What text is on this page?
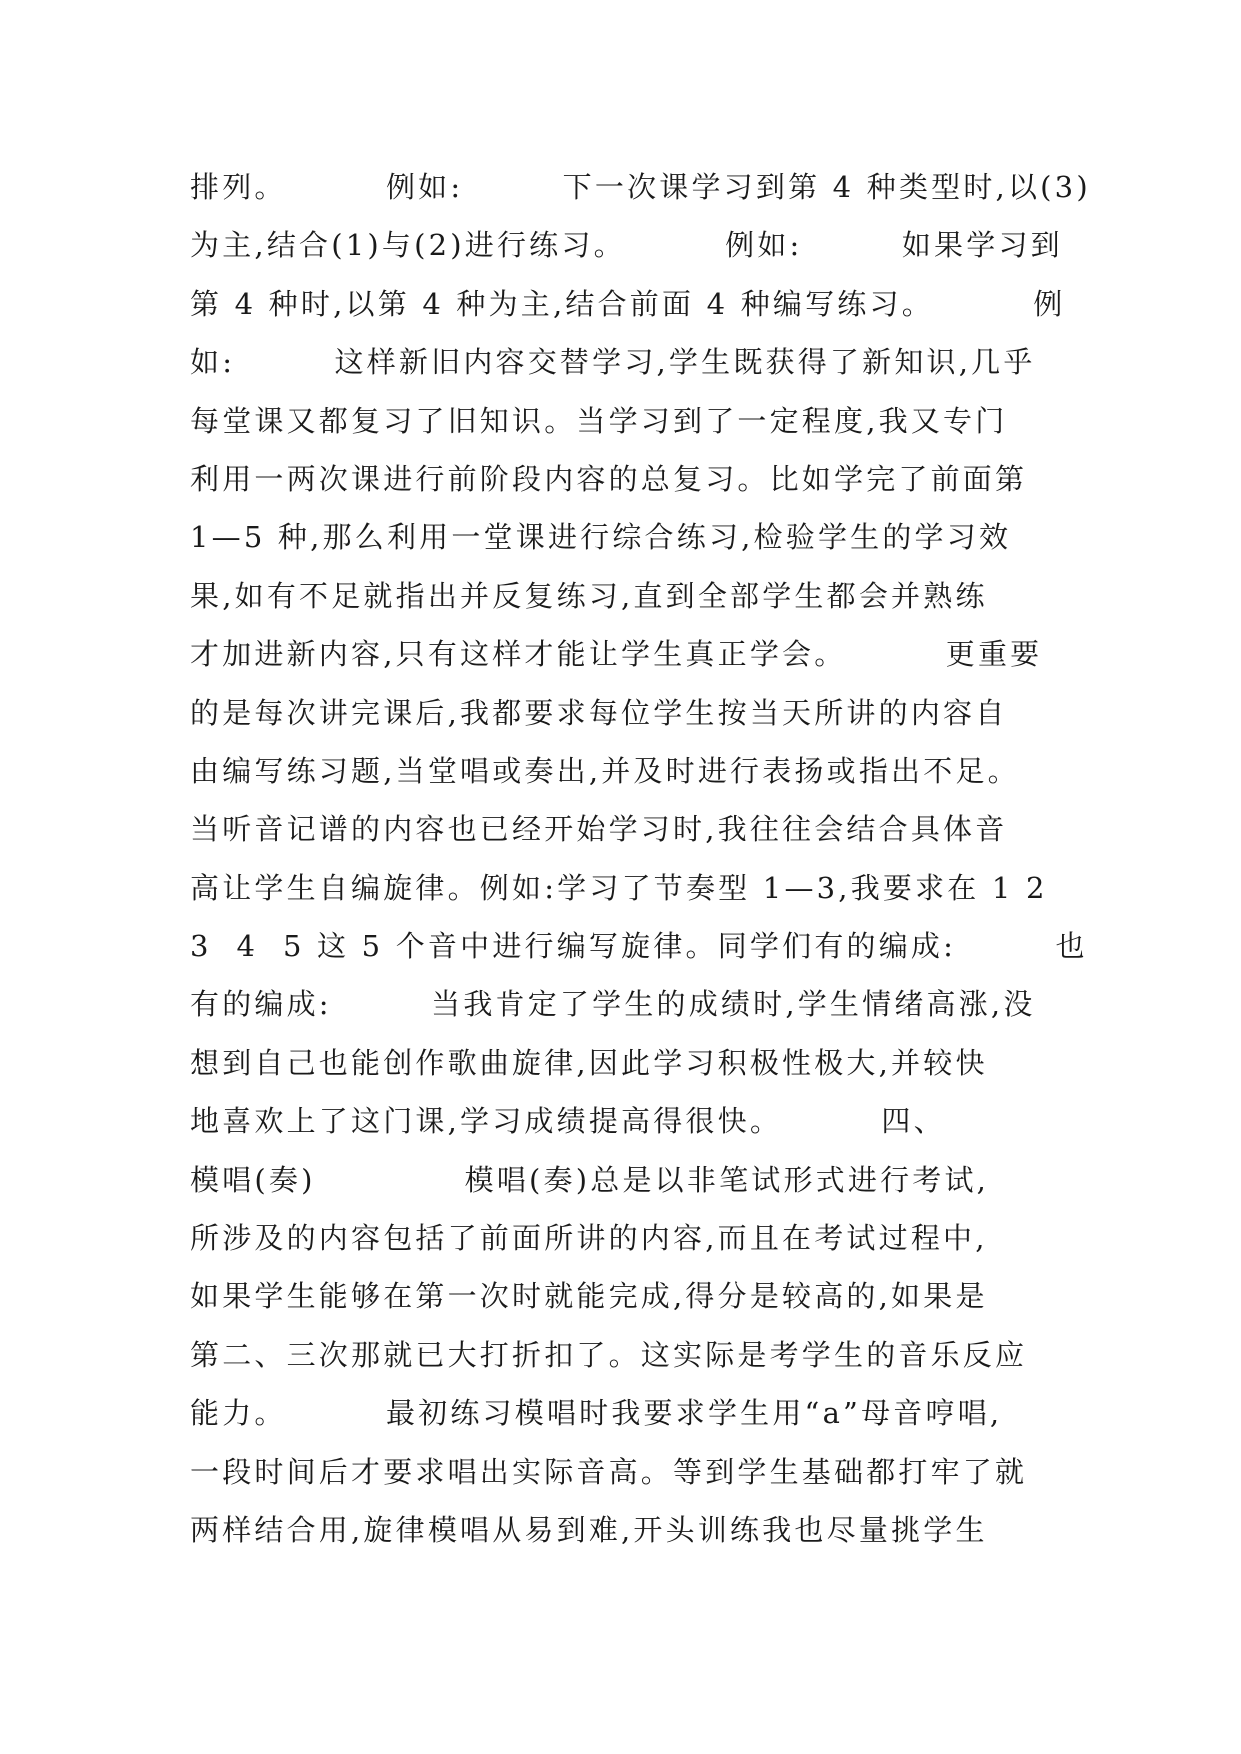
排列。        例如:        下一次课学习到第 4 种类型时,以(3)
为主,结合(1)与(2)进行练习。        例如:        如果学习到
第 4 种时,以第 4 种为主,结合前面 4 种编写练习。        例
如:        这样新旧内容交替学习,学生既获得了新知识,几乎
每堂课又都复习了旧知识。当学习到了一定程度,我又专门
利用一两次课进行前阶段内容的总复习。比如学完了前面第
1—5 种,那么利用一堂课进行综合练习,检验学生的学习效
果,如有不足就指出并反复练习,直到全部学生都会并熟练
才加进新内容,只有这样才能让学生真正学会。        更重要
的是每次讲完课后,我都要求每位学生按当天所讲的内容自
由编写练习题,当堂唱或奏出,并及时进行表扬或指出不足。
当听音记谱的内容也已经开始学习时,我往往会结合具体音
高让学生自编旋律。例如:学习了节奏型 1—3,我要求在 1 2
3  4  5 这 5 个音中进行编写旋律。同学们有的编成:        也
有的编成:        当我肯定了学生的成绩时,学生情绪高涨,没
想到自己也能创作歌曲旋律,因此学习积极性极大,并较快
地喜欢上了这门课,学习成绩提高得很快。        四、
模唱(奏)            模唱(奏)总是以非笔试形式进行考试,
所涉及的内容包括了前面所讲的内容,而且在考试过程中,
如果学生能够在第一次时就能完成,得分是较高的,如果是
第二、三次那就已大打折扣了。这实际是考学生的音乐反应
能力。        最初练习模唱时我要求学生用“a”母音哼唱,
一段时间后才要求唱出实际音高。等到学生基础都打牢了就
两样结合用,旋律模唱从易到难,开头训练我也尽量挑学生
